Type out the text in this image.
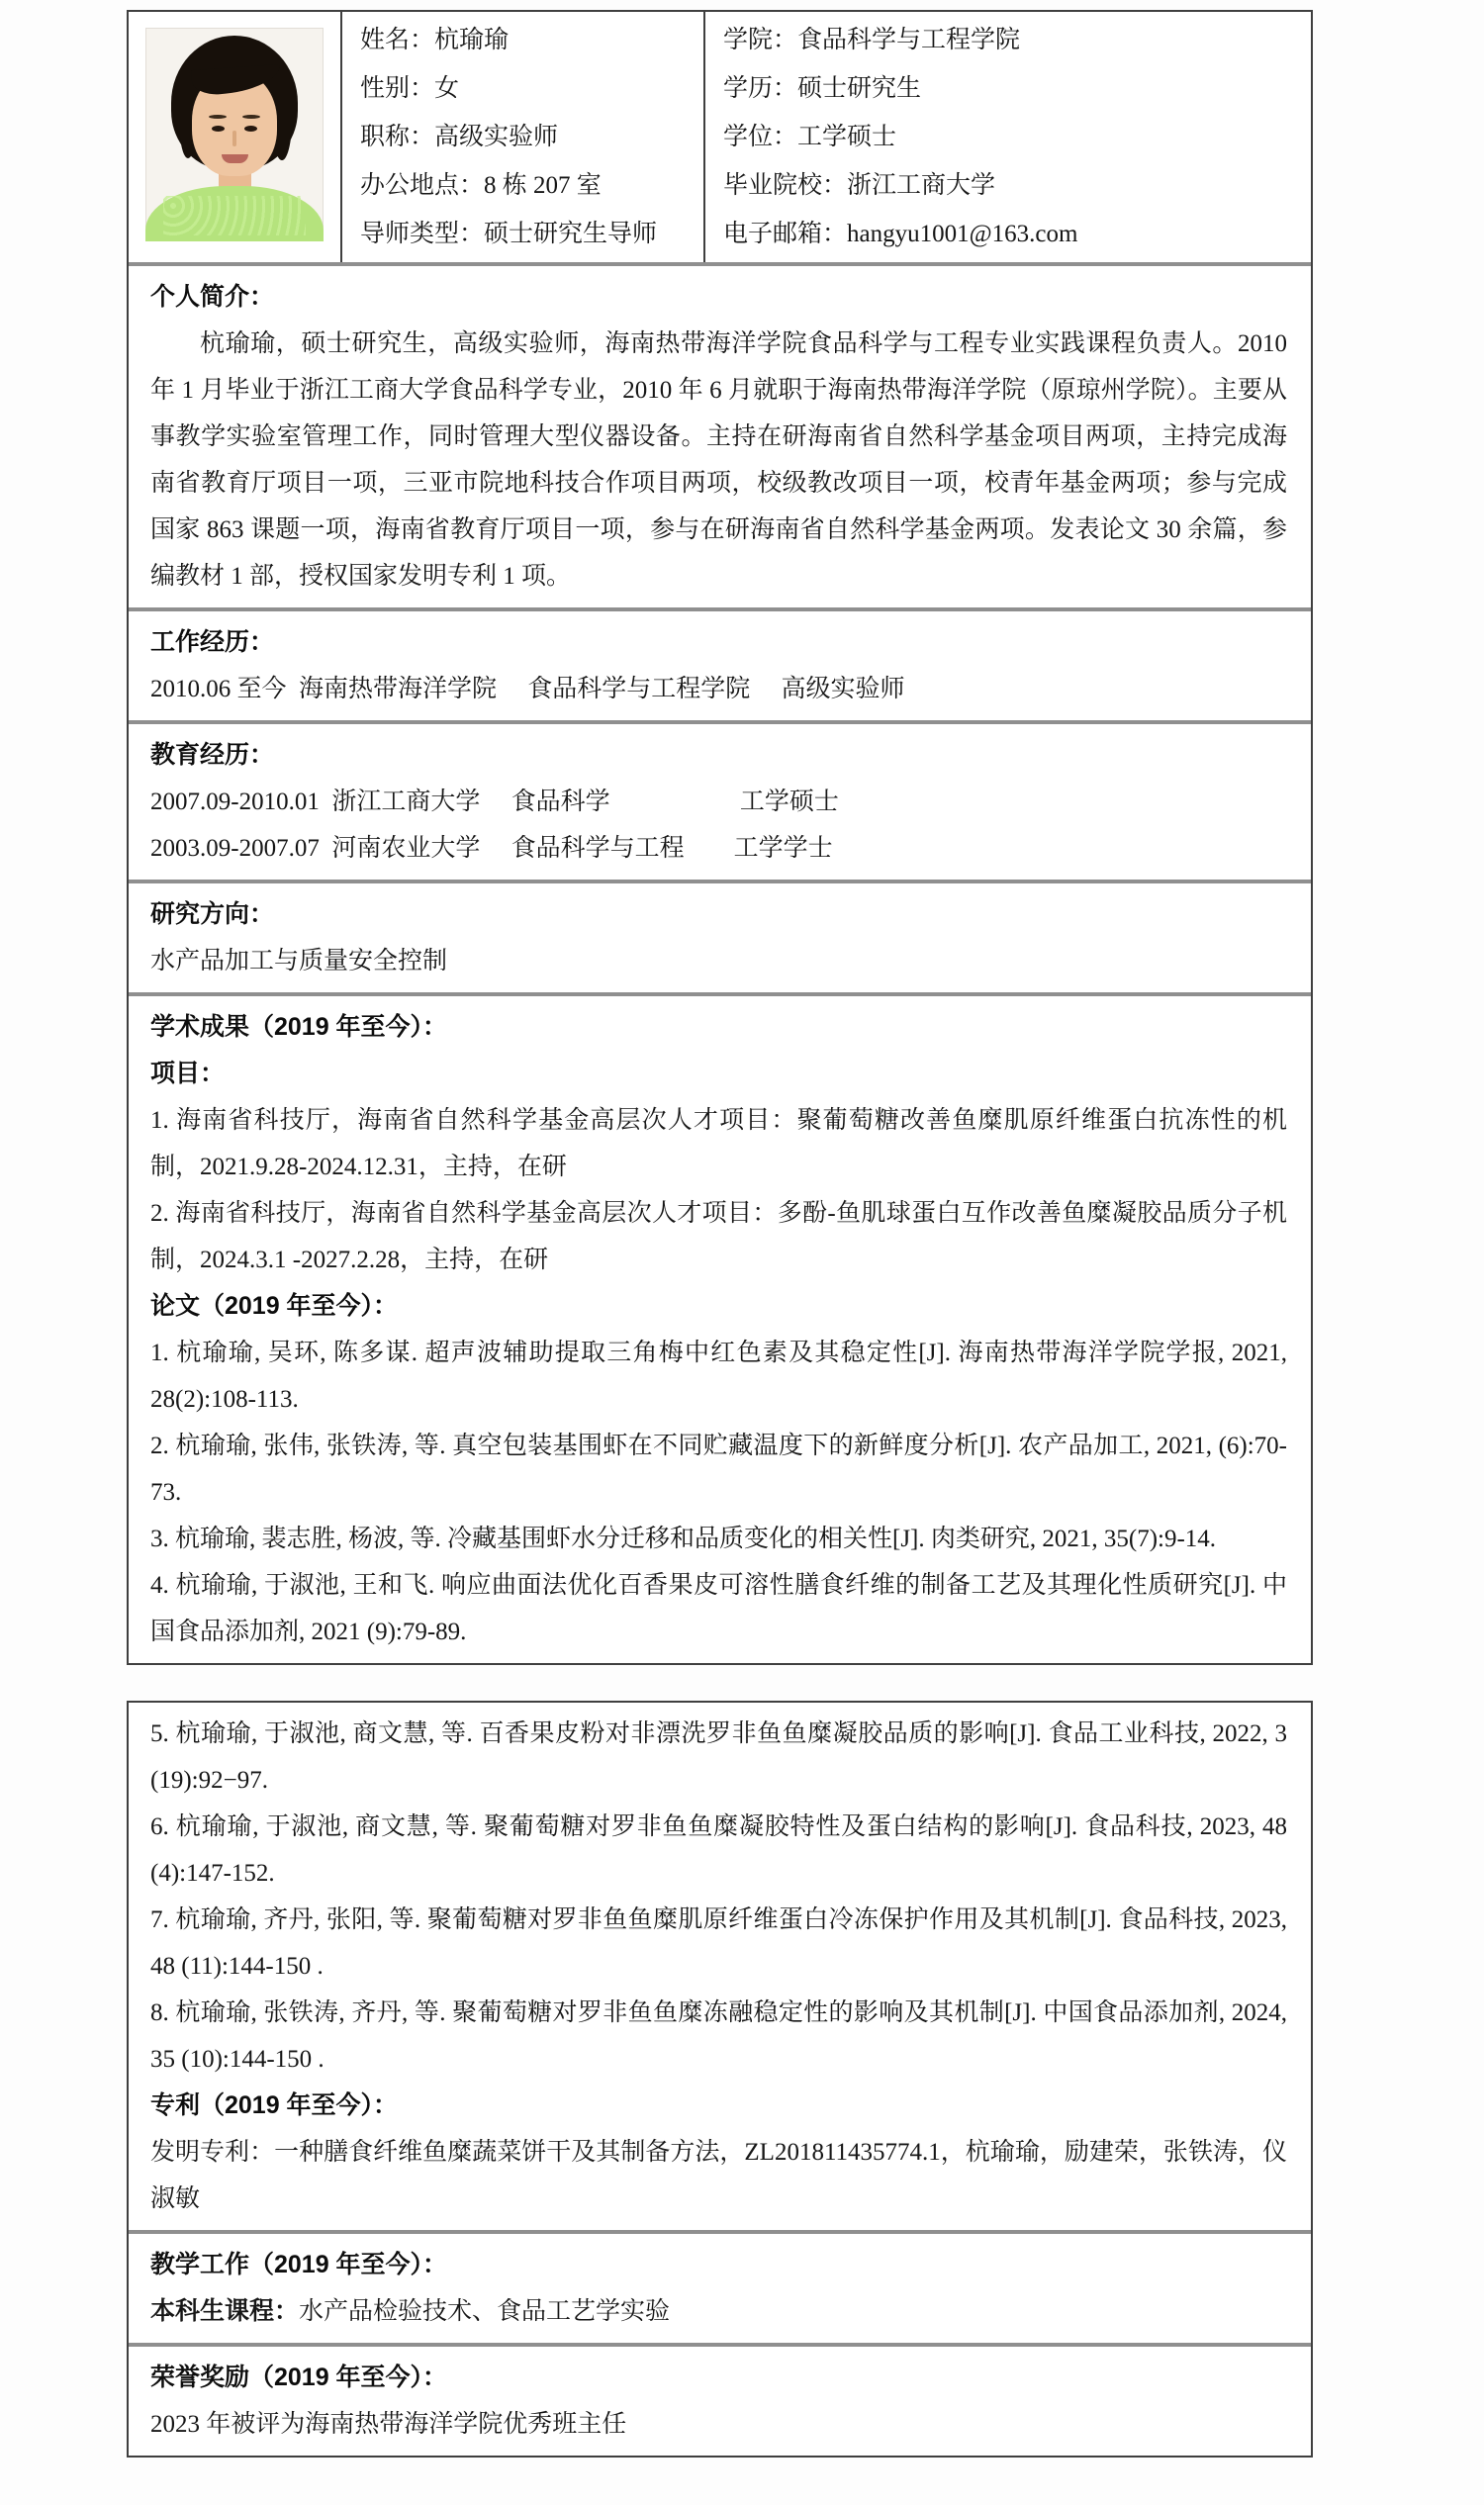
姓名：杭瑜瑜
性别：女
职称：高级实验师
办公地点：8 栋 207 室
导师类型：硕士研究生导师
学院：食品科学与工程学院
学历：硕士研究生
学位：工学硕士
毕业院校：浙江工商大学
电子邮箱：hangyu1001@163.com
个人简介：
杭瑜瑜，硕士研究生，高级实验师，海南热带海洋学院食品科学与工程专业实践课程负责人。2010 年 1 月毕业于浙江工商大学食品科学专业，2010 年 6 月就职于海南热带海洋学院（原琼州学院）。主要从事教学实验室管理工作，同时管理大型仪器设备。主持在研海南省自然科学基金项目两项，主持完成海南省教育厅项目一项，三亚市院地科技合作项目两项，校级教改项目一项，校青年基金两项；参与完成国家 863 课题一项，海南省教育厅项目一项，参与在研海南省自然科学基金两项。发表论文 30 余篇，参编教材 1 部，授权国家发明专利 1 项。
工作经历：
2010.06 至今  海南热带海洋学院　 食品科学与工程学院　 高级实验师
教育经历：
2007.09-2010.01  浙江工商大学　 食品科学　　　　　 工学硕士
2003.09-2007.07  河南农业大学　 食品科学与工程　　工学学士
研究方向：
水产品加工与质量安全控制
学术成果（2019 年至今）：
项目：
1. 海南省科技厅，海南省自然科学基金高层次人才项目：聚葡萄糖改善鱼糜肌原纤维蛋白抗冻性的机制，2021.9.28-2024.12.31，主持，在研
2. 海南省科技厅，海南省自然科学基金高层次人才项目：多酚-鱼肌球蛋白互作改善鱼糜凝胶品质分子机制，2024.3.1 -2027.2.28，主持，在研
论文（2019 年至今）：
1. 杭瑜瑜, 吴环, 陈多谋. 超声波辅助提取三角梅中红色素及其稳定性[J]. 海南热带海洋学院学报, 2021, 28(2):108-113.
2. 杭瑜瑜, 张伟, 张铁涛, 等. 真空包装基围虾在不同贮藏温度下的新鲜度分析[J]. 农产品加工, 2021, (6):70-73.
3. 杭瑜瑜, 裴志胜, 杨波, 等. 冷藏基围虾水分迁移和品质变化的相关性[J]. 肉类研究, 2021, 35(7):9-14.
4. 杭瑜瑜, 于淑池, 王和飞. 响应曲面法优化百香果皮可溶性膳食纤维的制备工艺及其理化性质研究[J]. 中国食品添加剂, 2021 (9):79-89.
5. 杭瑜瑜, 于淑池, 商文慧, 等. 百香果皮粉对非漂洗罗非鱼鱼糜凝胶品质的影响[J]. 食品工业科技, 2022, 3 (19):92−97.
6. 杭瑜瑜, 于淑池, 商文慧, 等. 聚葡萄糖对罗非鱼鱼糜凝胶特性及蛋白结构的影响[J]. 食品科技, 2023, 48 (4):147-152.
7. 杭瑜瑜, 齐丹, 张阳, 等. 聚葡萄糖对罗非鱼鱼糜肌原纤维蛋白冷冻保护作用及其机制[J]. 食品科技, 2023, 48 (11):144-150 .
8. 杭瑜瑜, 张铁涛, 齐丹, 等. 聚葡萄糖对罗非鱼鱼糜冻融稳定性的影响及其机制[J]. 中国食品添加剂, 2024, 35 (10):144-150 .
专利（2019 年至今）：
发明专利：一种膳食纤维鱼糜蔬菜饼干及其制备方法，ZL201811435774.1，杭瑜瑜，励建荣，张铁涛，仪淑敏
教学工作（2019 年至今）：
本科生课程：水产品检验技术、食品工艺学实验
荣誉奖励（2019 年至今）：
2023 年被评为海南热带海洋学院优秀班主任
